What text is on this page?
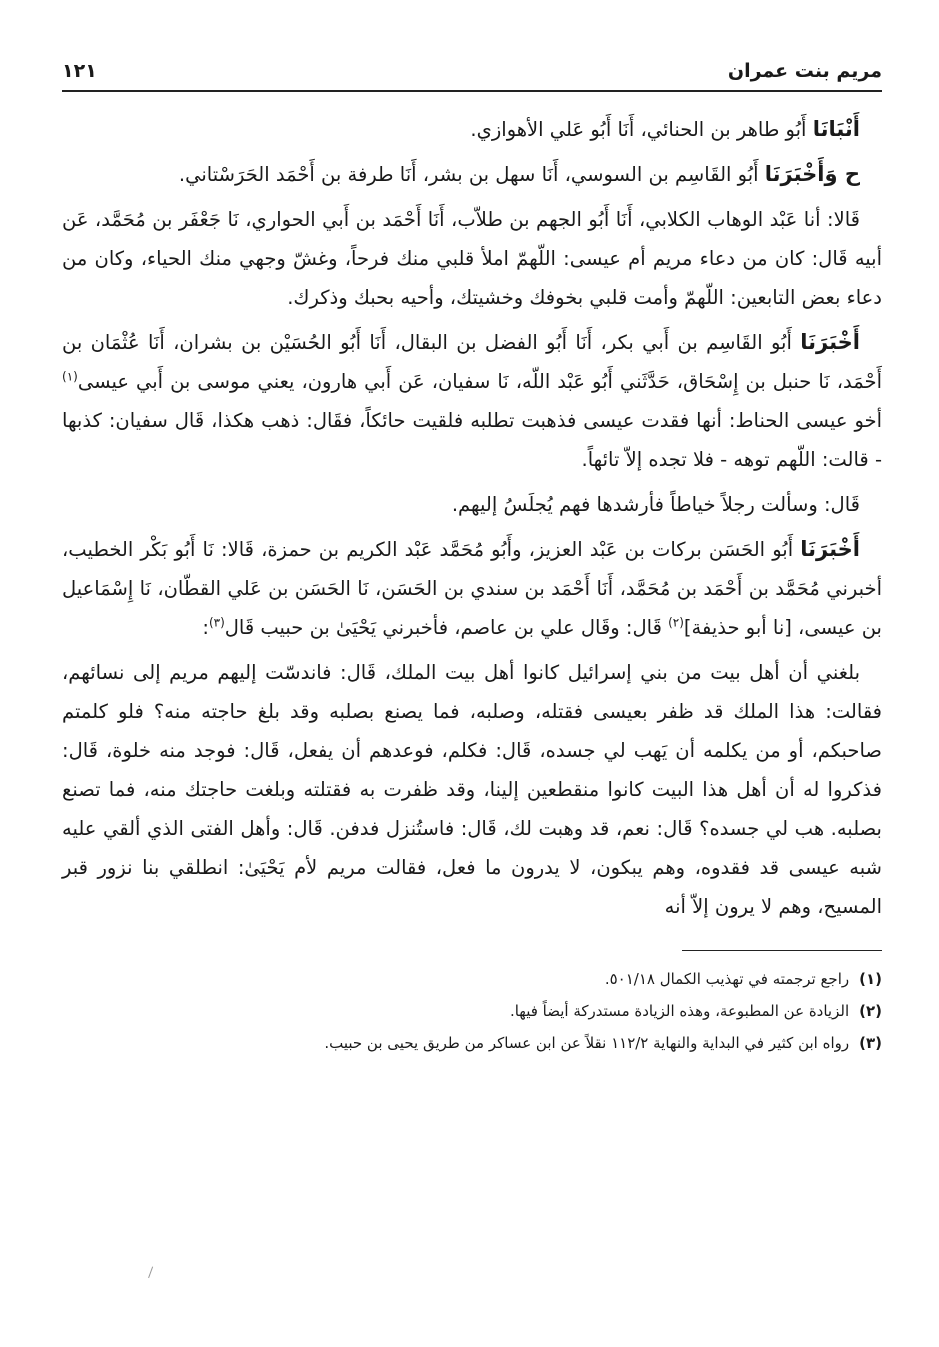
مريم بنت عمران
١٢١

أَنْبَانَا أَبُو طاهر بن الحنائي، أَنَا أَبُو عَلي الأهوازي.

ح وَأَخْبَرَنَا أَبُو القَاسِم بن السوسي، أَنَا سهل بن بشر، أَنَا طرفة بن أَحْمَد الحَرَسْتاني.

قَالا: أنا عَبْد الوهاب الكلابي، أَنَا أَبُو الجهم بن طلاّب، أَنَا أَحْمَد بن أَبي الحواري، نَا جَعْفَر بن مُحَمَّد، عَن أبيه قَال: كان من دعاء مريم أم عيسى: اللّهمّ املأ قلبي منك فرحاً، وغشّ وجهي منك الحياء، وكان من دعاء بعض التابعين: اللّهمّ وأمت قلبي بخوفك وخشيتك، وأحيه بحبك وذكرك.

أَخْبَرَنَا أَبُو القَاسِم بن أَبي بكر، أَنَا أَبُو الفضل بن البقال، أَنَا أَبُو الحُسَيْن بن بشران، أَنَا عُثْمَان بن أَحْمَد، نَا حنبل بن إِسْحَاق، حَدَّثَني أَبُو عَبْد اللّه، نَا سفيان، عَن أَبي هارون، يعني موسى بن أَبي عيسى$^{(١)}$ أخو عيسى الحناط: أنها فقدت عيسى فذهبت تطلبه فلقيت حائكاً، فقَال: ذهب هكذا، قَال سفيان: كذبها - قالت: اللّهم توهه - فلا تجده إلاّ تائهاً.

قَال: وسألت رجلاً خياطاً فأرشدها فهم يُجلَسُ إليهم.

أَخْبَرَنَا أَبُو الحَسَن بركات بن عَبْد العزيز، وأَبُو مُحَمَّد عَبْد الكريم بن حمزة، قَالا: نَا أَبُو بَكْر الخطيب، أخبرني مُحَمَّد بن أَحْمَد بن مُحَمَّد، أَنَا أَحْمَد بن سندي بن الحَسَن، نَا الحَسَن بن عَلي القطّان، نَا إِسْمَاعيل بن عيسى، [نا أبو حذيفة]$^{(٢)}$ قَال: وقَال علي بن عاصم، فأخبرني يَحْيَىٰ بن حبيب قَال$^{(٣)}$:

بلغني أن أهل بيت من بني إسرائيل كانوا أهل بيت الملك، قَال: فاندسّت إليهم مريم إلى نسائهم، فقالت: هذا الملك قد ظفر بعيسى فقتله، وصلبه، فما يصنع بصلبه وقد بلغ حاجته منه؟ فلو كلمتم صاحبكم، أو من يكلمه أن يَهب لي جسده، قَال: فكلم، فوعدهم أن يفعل، قَال: فوجد منه خلوة، قَال: فذكروا له أن أهل هذا البيت كانوا منقطعين إلينا، وقد ظفرت به فقتلته وبلغت حاجتك منه، فما تصنع بصلبه. هب لي جسده؟ قَال: نعم، قد وهبت لك، قَال: فاستُنزل فدفن. قَال: وأهل الفتى الذي ألقي عليه شبه عيسى قد فقدوه، وهم يبكون، لا يدرون ما فعل، فقالت مريم لأم يَحْيَىٰ: انطلقي بنا نزور قبر المسيح، وهم لا يرون إلاّ أنه

(١)
راجع ترجمته في تهذيب الكمال ٥٠١/١٨.
(٢)
الزيادة عن المطبوعة، وهذه الزيادة مستدركة أيضاً فيها.
(٣)
رواه ابن كثير في البداية والنهاية ١١٢/٢ نقلاً عن ابن عساكر من طريق يحيى بن حبيب.
